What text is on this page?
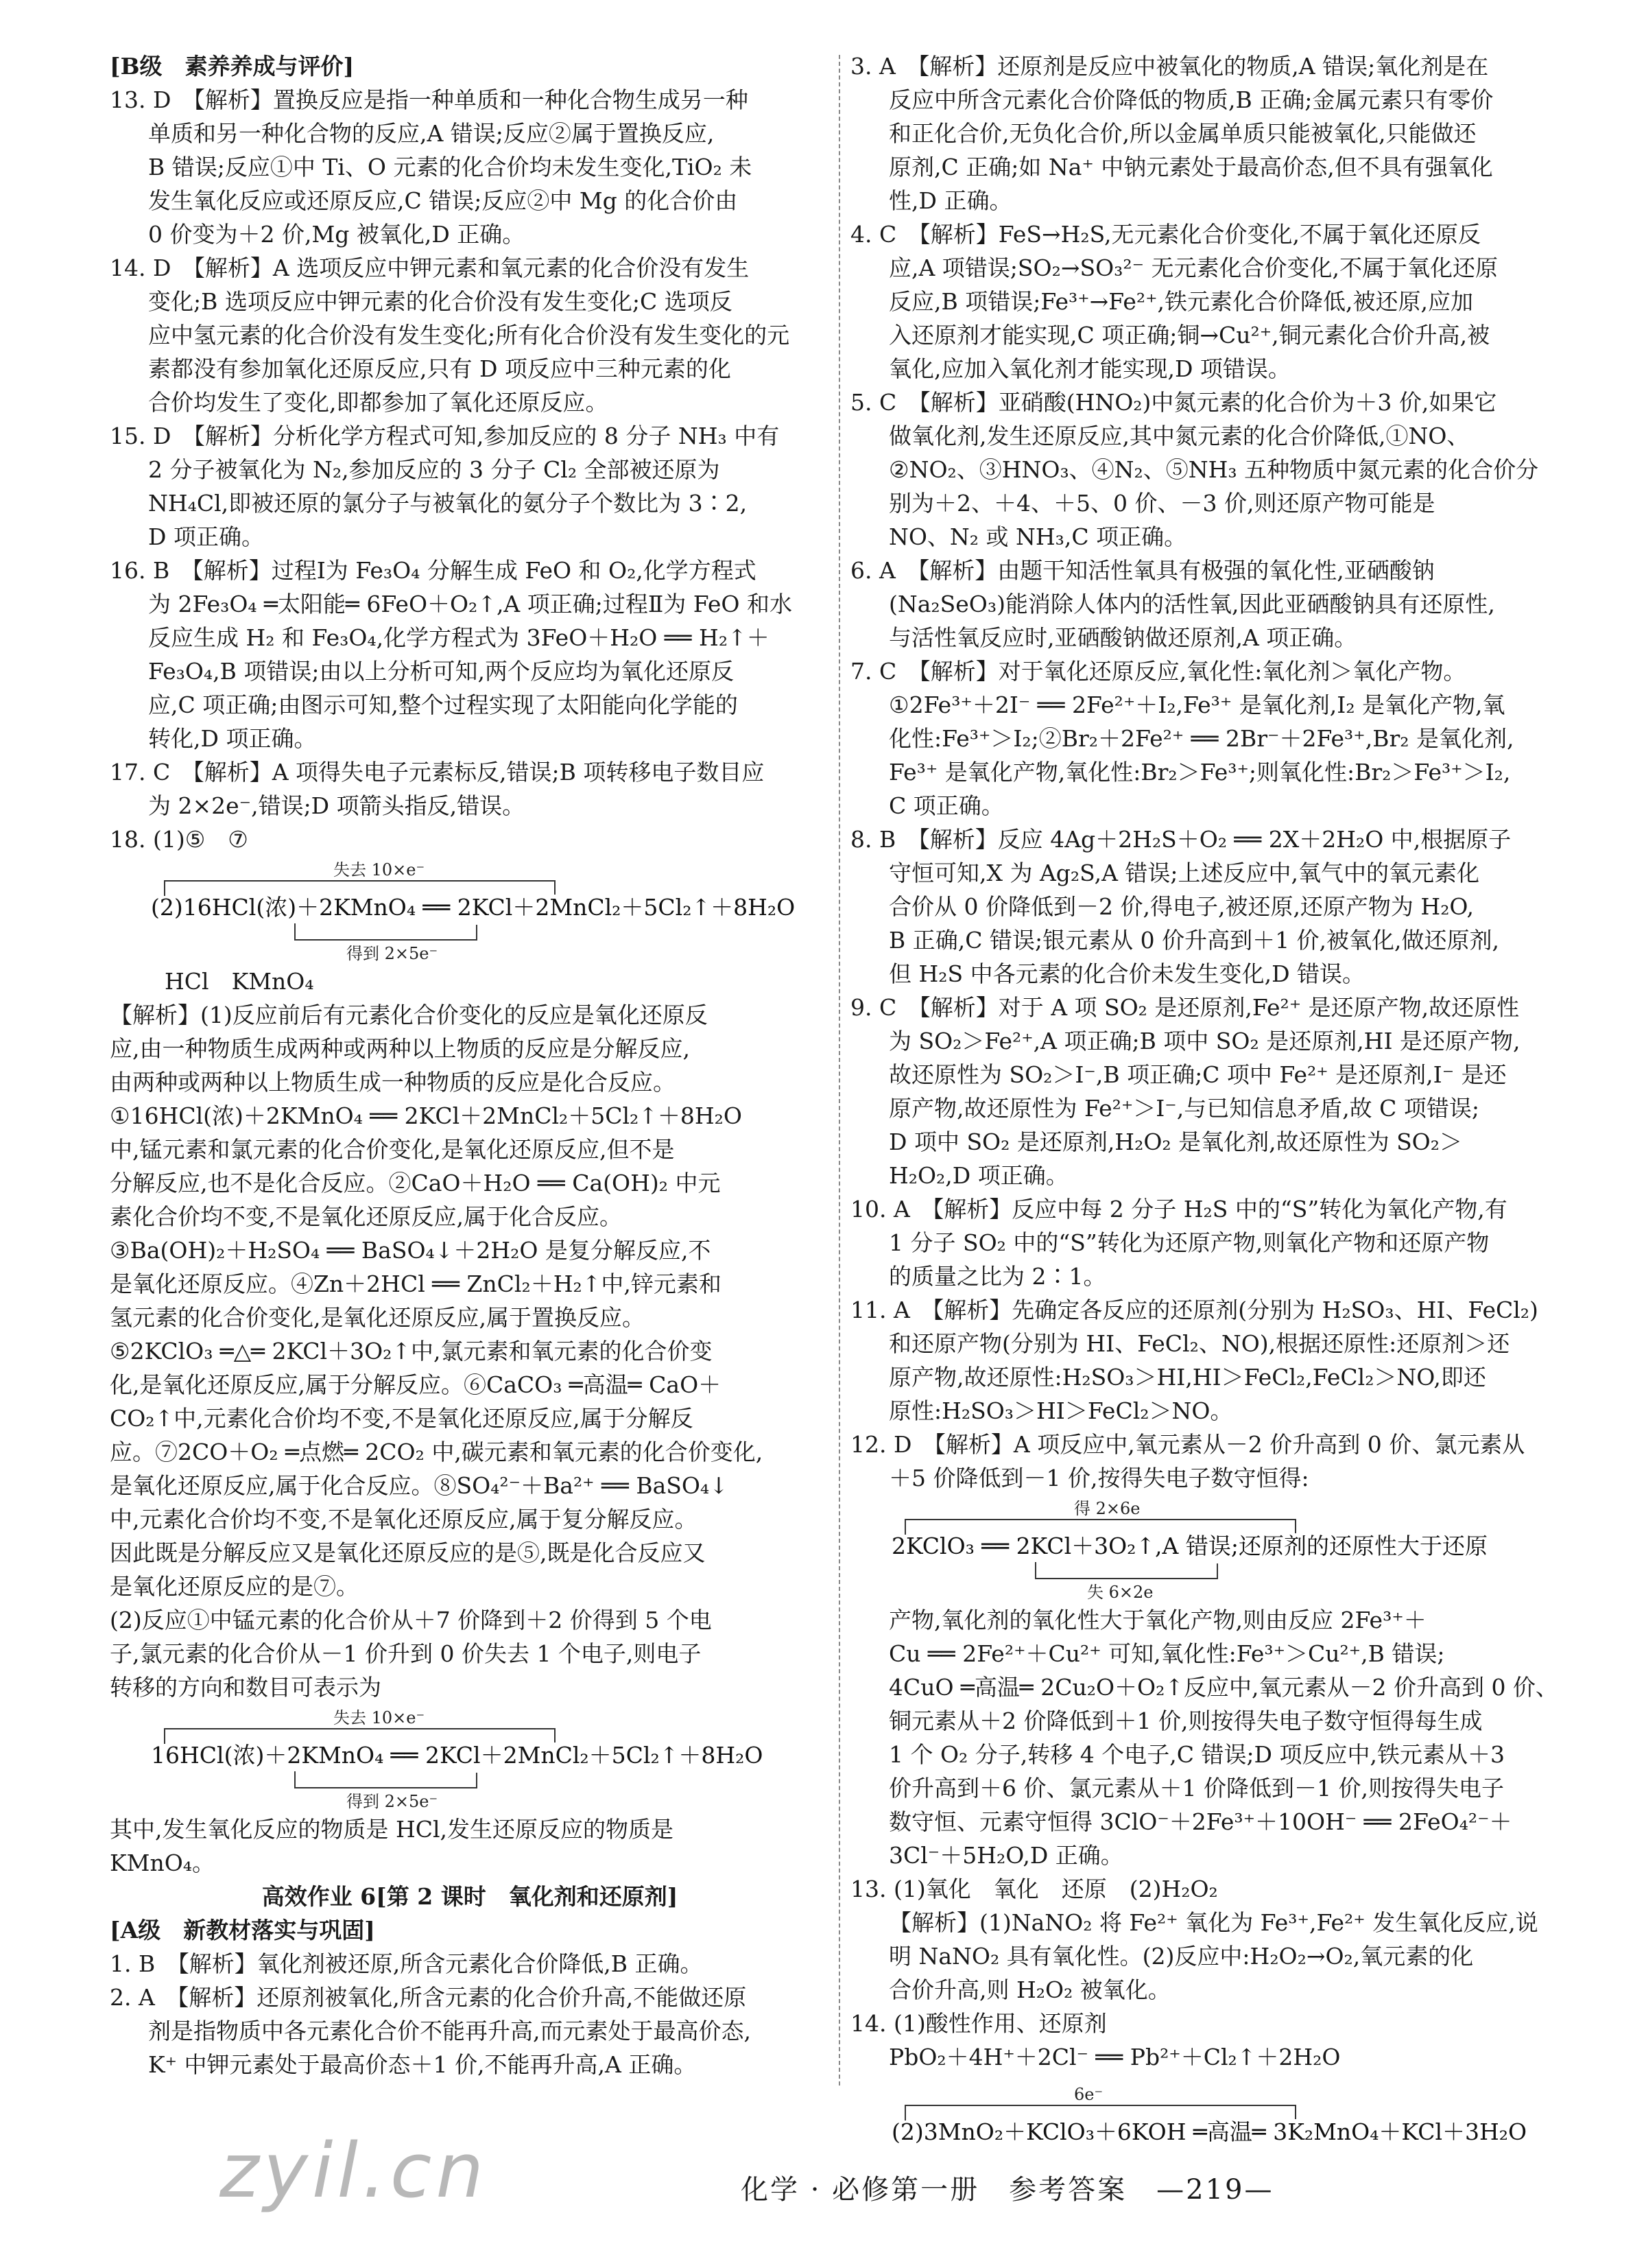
[B级　素养养成与评价]
13. D　【解析】置换反应是指一种单质和一种化合物生成另一种
单质和另一种化合物的反应,A 错误;反应②属于置换反应,
B 错误;反应①中 Ti、O 元素的化合价均未发生变化,TiO₂ 未
发生氧化反应或还原反应,C 错误;反应②中 Mg 的化合价由
0 价变为＋2 价,Mg 被氧化,D 正确。
14. D　【解析】A 选项反应中钾元素和氧元素的化合价没有发生
变化;B 选项反应中钾元素的化合价没有发生变化;C 选项反
应中氢元素的化合价没有发生变化;所有化合价没有发生变化的元
素都没有参加氧化还原反应,只有 D 项反应中三种元素的化
合价均发生了变化,即都参加了氧化还原反应。
15. D　【解析】分析化学方程式可知,参加反应的 8 分子 NH₃ 中有
2 分子被氧化为 N₂,参加反应的 3 分子 Cl₂ 全部被还原为
NH₄Cl,即被还原的氯分子与被氧化的氨分子个数比为 3∶2,
D 项正确。
16. B　【解析】过程Ⅰ为 Fe₃O₄ 分解生成 FeO 和 O₂,化学方程式
为 2Fe₃O₄ ═太阳能═ 6FeO＋O₂↑,A 项正确;过程Ⅱ为 FeO 和水
反应生成 H₂ 和 Fe₃O₄,化学方程式为 3FeO＋H₂O ══ H₂↑＋
Fe₃O₄,B 项错误;由以上分析可知,两个反应均为氧化还原反
应,C 项正确;由图示可知,整个过程实现了太阳能向化学能的
转化,D 项正确。
17. C　【解析】A 项得失电子元素标反,错误;B 项转移电子数目应
为 2×2e⁻,错误;D 项箭头指反,错误。
18. (1)⑤　⑦
失去 10×e⁻
(2)16HCl(浓)＋2KMnO₄ ══ 2KCl＋2MnCl₂＋5Cl₂↑＋8H₂O
得到 2×5e⁻
HCl　KMnO₄
【解析】(1)反应前后有元素化合价变化的反应是氧化还原反
应,由一种物质生成两种或两种以上物质的反应是分解反应,
由两种或两种以上物质生成一种物质的反应是化合反应。
①16HCl(浓)＋2KMnO₄ ══ 2KCl＋2MnCl₂＋5Cl₂↑＋8H₂O
中,锰元素和氯元素的化合价变化,是氧化还原反应,但不是
分解反应,也不是化合反应。②CaO＋H₂O ══ Ca(OH)₂ 中元
素化合价均不变,不是氧化还原反应,属于化合反应。
③Ba(OH)₂＋H₂SO₄ ══ BaSO₄↓＋2H₂O 是复分解反应,不
是氧化还原反应。④Zn＋2HCl ══ ZnCl₂＋H₂↑中,锌元素和
氢元素的化合价变化,是氧化还原反应,属于置换反应。
⑤2KClO₃ ═△═ 2KCl＋3O₂↑中,氯元素和氧元素的化合价变
化,是氧化还原反应,属于分解反应。⑥CaCO₃ ═高温═ CaO＋
CO₂↑中,元素化合价均不变,不是氧化还原反应,属于分解反
应。⑦2CO＋O₂ ═点燃═ 2CO₂ 中,碳元素和氧元素的化合价变化,
是氧化还原反应,属于化合反应。⑧SO₄²⁻＋Ba²⁺ ══ BaSO₄↓
中,元素化合价均不变,不是氧化还原反应,属于复分解反应。
因此既是分解反应又是氧化还原反应的是⑤,既是化合反应又
是氧化还原反应的是⑦。
(2)反应①中锰元素的化合价从＋7 价降到＋2 价得到 5 个电
子,氯元素的化合价从－1 价升到 0 价失去 1 个电子,则电子
转移的方向和数目可表示为
失去 10×e⁻
16HCl(浓)＋2KMnO₄ ══ 2KCl＋2MnCl₂＋5Cl₂↑＋8H₂O
得到 2×5e⁻
其中,发生氧化反应的物质是 HCl,发生还原反应的物质是
KMnO₄。
高效作业 6[第 2 课时　氧化剂和还原剂]
[A级　新教材落实与巩固]
1. B　【解析】氧化剂被还原,所含元素化合价降低,B 正确。
2. A　【解析】还原剂被氧化,所含元素的化合价升高,不能做还原
剂是指物质中各元素化合价不能再升高,而元素处于最高价态,
K⁺ 中钾元素处于最高价态＋1 价,不能再升高,A 正确。
3. A　【解析】还原剂是反应中被氧化的物质,A 错误;氧化剂是在
反应中所含元素化合价降低的物质,B 正确;金属元素只有零价
和正化合价,无负化合价,所以金属单质只能被氧化,只能做还
原剂,C 正确;如 Na⁺ 中钠元素处于最高价态,但不具有强氧化
性,D 正确。
4. C　【解析】FeS→H₂S,无元素化合价变化,不属于氧化还原反
应,A 项错误;SO₂→SO₃²⁻ 无元素化合价变化,不属于氧化还原
反应,B 项错误;Fe³⁺→Fe²⁺,铁元素化合价降低,被还原,应加
入还原剂才能实现,C 项正确;铜→Cu²⁺,铜元素化合价升高,被
氧化,应加入氧化剂才能实现,D 项错误。
5. C　【解析】亚硝酸(HNO₂)中氮元素的化合价为＋3 价,如果它
做氧化剂,发生还原反应,其中氮元素的化合价降低,①NO、
②NO₂、③HNO₃、④N₂、⑤NH₃ 五种物质中氮元素的化合价分
别为＋2、＋4、＋5、0 价、－3 价,则还原产物可能是
NO、N₂ 或 NH₃,C 项正确。
6. A　【解析】由题干知活性氧具有极强的氧化性,亚硒酸钠
(Na₂SeO₃)能消除人体内的活性氧,因此亚硒酸钠具有还原性,
与活性氧反应时,亚硒酸钠做还原剂,A 项正确。
7. C　【解析】对于氧化还原反应,氧化性:氧化剂＞氧化产物。
①2Fe³⁺＋2I⁻ ══ 2Fe²⁺＋I₂,Fe³⁺ 是氧化剂,I₂ 是氧化产物,氧
化性:Fe³⁺＞I₂;②Br₂＋2Fe²⁺ ══ 2Br⁻＋2Fe³⁺,Br₂ 是氧化剂,
Fe³⁺ 是氧化产物,氧化性:Br₂＞Fe³⁺;则氧化性:Br₂＞Fe³⁺＞I₂,
C 项正确。
8. B　【解析】反应 4Ag＋2H₂S＋O₂ ══ 2X＋2H₂O 中,根据原子
守恒可知,X 为 Ag₂S,A 错误;上述反应中,氧气中的氧元素化
合价从 0 价降低到－2 价,得电子,被还原,还原产物为 H₂O,
B 正确,C 错误;银元素从 0 价升高到＋1 价,被氧化,做还原剂,
但 H₂S 中各元素的化合价未发生变化,D 错误。
9. C　【解析】对于 A 项 SO₂ 是还原剂,Fe²⁺ 是还原产物,故还原性
为 SO₂＞Fe²⁺,A 项正确;B 项中 SO₂ 是还原剂,HI 是还原产物,
故还原性为 SO₂＞I⁻,B 项正确;C 项中 Fe²⁺ 是还原剂,I⁻ 是还
原产物,故还原性为 Fe²⁺＞I⁻,与已知信息矛盾,故 C 项错误;
D 项中 SO₂ 是还原剂,H₂O₂ 是氧化剂,故还原性为 SO₂＞
H₂O₂,D 项正确。
10. A　【解析】反应中每 2 分子 H₂S 中的“S”转化为氧化产物,有
1 分子 SO₂ 中的“S”转化为还原产物,则氧化产物和还原产物
的质量之比为 2∶1。
11. A　【解析】先确定各反应的还原剂(分别为 H₂SO₃、HI、FeCl₂)
和还原产物(分别为 HI、FeCl₂、NO),根据还原性:还原剂＞还
原产物,故还原性:H₂SO₃＞HI,HI＞FeCl₂,FeCl₂＞NO,即还
原性:H₂SO₃＞HI＞FeCl₂＞NO。
12. D　【解析】A 项反应中,氧元素从－2 价升高到 0 价、氯元素从
＋5 价降低到－1 价,按得失电子数守恒得:
得 2×6e
2KClO₃ ══ 2KCl＋3O₂↑,A 错误;还原剂的还原性大于还原
失 6×2e
产物,氧化剂的氧化性大于氧化产物,则由反应 2Fe³⁺＋
Cu ══ 2Fe²⁺＋Cu²⁺ 可知,氧化性:Fe³⁺＞Cu²⁺,B 错误;
4CuO ═高温═ 2Cu₂O＋O₂↑反应中,氧元素从－2 价升高到 0 价、
铜元素从＋2 价降低到＋1 价,则按得失电子数守恒得每生成
1 个 O₂ 分子,转移 4 个电子,C 错误;D 项反应中,铁元素从＋3
价升高到＋6 价、氯元素从＋1 价降低到－1 价,则按得失电子
数守恒、元素守恒得 3ClO⁻＋2Fe³⁺＋10OH⁻ ══ 2FeO₄²⁻＋
3Cl⁻＋5H₂O,D 正确。
13. (1)氧化　氧化　还原　(2)H₂O₂
【解析】(1)NaNO₂ 将 Fe²⁺ 氧化为 Fe³⁺,Fe²⁺ 发生氧化反应,说
明 NaNO₂ 具有氧化性。(2)反应中:H₂O₂→O₂,氧元素的化
合价升高,则 H₂O₂ 被氧化。
14. (1)酸性作用、还原剂
PbO₂＋4H⁺＋2Cl⁻ ══ Pb²⁺＋Cl₂↑＋2H₂O
6e⁻
(2)3MnO₂＋KClO₃＋6KOH ═高温═ 3K₂MnO₄＋KCl＋3H₂O
zyil.cn	化学 · 必修第一册　参考答案　—219—
